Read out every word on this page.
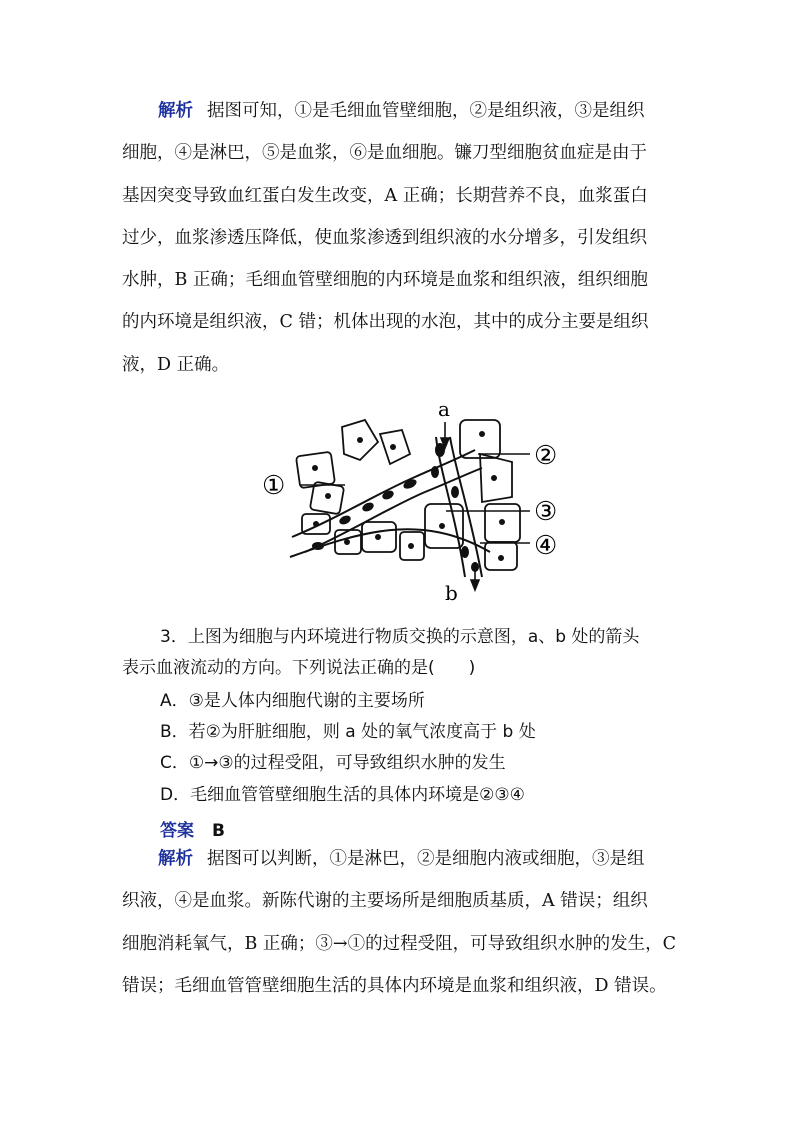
解析 据图可知，①是毛细血管壁细胞，②是组织液，③是组织
细胞，④是淋巴，⑤是血浆，⑥是血细胞。镰刀型细胞贫血症是由于
基因突变导致血红蛋白发生改变，A 正确；长期营养不良，血浆蛋白
过少，血浆渗透压降低，使血浆渗透到组织液的水分增多，引发组织
水肿，B 正确；毛细血管壁细胞的内环境是血浆和组织液，组织细胞
的内环境是组织液，C 错；机体出现的水泡，其中的成分主要是组织
液，D 正确。
a
b
①
②
③
④
3．上图为细胞与内环境进行物质交换的示意图，a、b 处的箭头
表示血液流动的方向。下列说法正确的是(　　)
A．③是人体内细胞代谢的主要场所
B．若②为肝脏细胞，则 a 处的氧气浓度高于 b 处
C．①→③的过程受阻，可导致组织水肿的发生
D．毛细血管管壁细胞生活的具体内环境是②③④
答案 B
解析 据图可以判断，①是淋巴，②是细胞内液或细胞，③是组
织液，④是血浆。新陈代谢的主要场所是细胞质基质，A 错误；组织
细胞消耗氧气，B 正确；③→①的过程受阻，可导致组织水肿的发生，C
错误；毛细血管管壁细胞生活的具体内环境是血浆和组织液，D 错误。
